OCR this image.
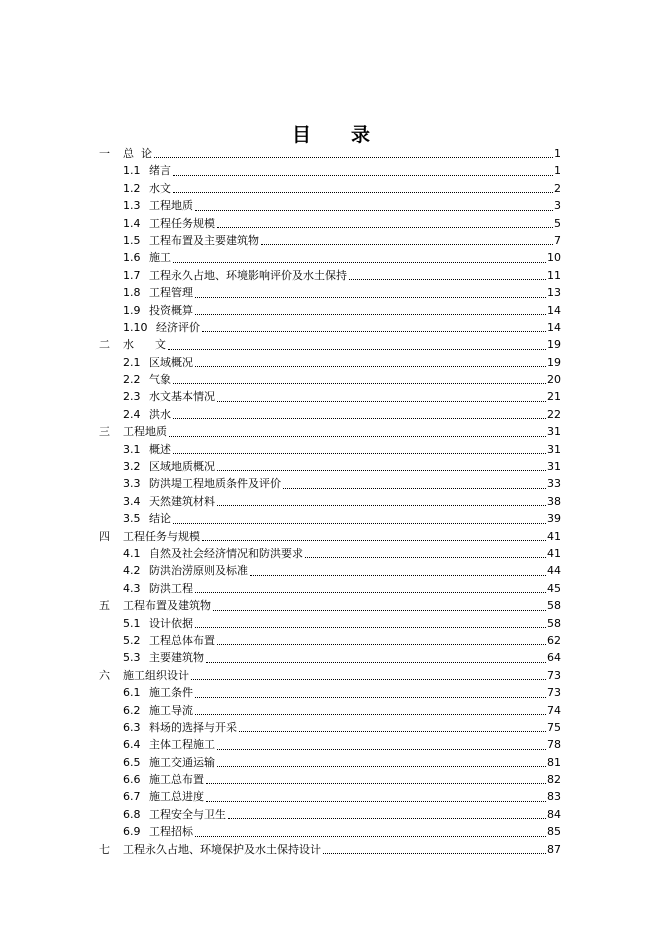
目 录
一	总  论	1
1.1 绪言	1
1.2 水文	2
1.3 工程地质	3
1.4 工程任务规模	5
1.5 工程布置及主要建筑物	7
1.6 施工	10
1.7 工程永久占地、环境影响评价及水土保持	11
1.8 工程管理	13
1.9 投资概算	14
1.10 经济评价	14
二	水      文	19
2.1 区域概况	19
2.2 气象	20
2.3 水文基本情况	21
2.4 洪水	22
三	工程地质	31
3.1 概述	31
3.2 区域地质概况	31
3.3 防洪堤工程地质条件及评价	33
3.4 天然建筑材料	38
3.5 结论	39
四	工程任务与规模	41
4.1 自然及社会经济情况和防洪要求	41
4.2 防洪治涝原则及标准	44
4.3 防洪工程	45
五	工程布置及建筑物	58
5.1 设计依据	58
5.2 工程总体布置	62
5.3 主要建筑物	64
六	施工组织设计	73
6.1 施工条件	73
6.2 施工导流	74
6.3 料场的选择与开采	75
6.4 主体工程施工	78
6.5 施工交通运输	81
6.6 施工总布置	82
6.7 施工总进度	83
6.8 工程安全与卫生	84
6.9 工程招标	85
七	工程永久占地、环境保护及水土保持设计	87
